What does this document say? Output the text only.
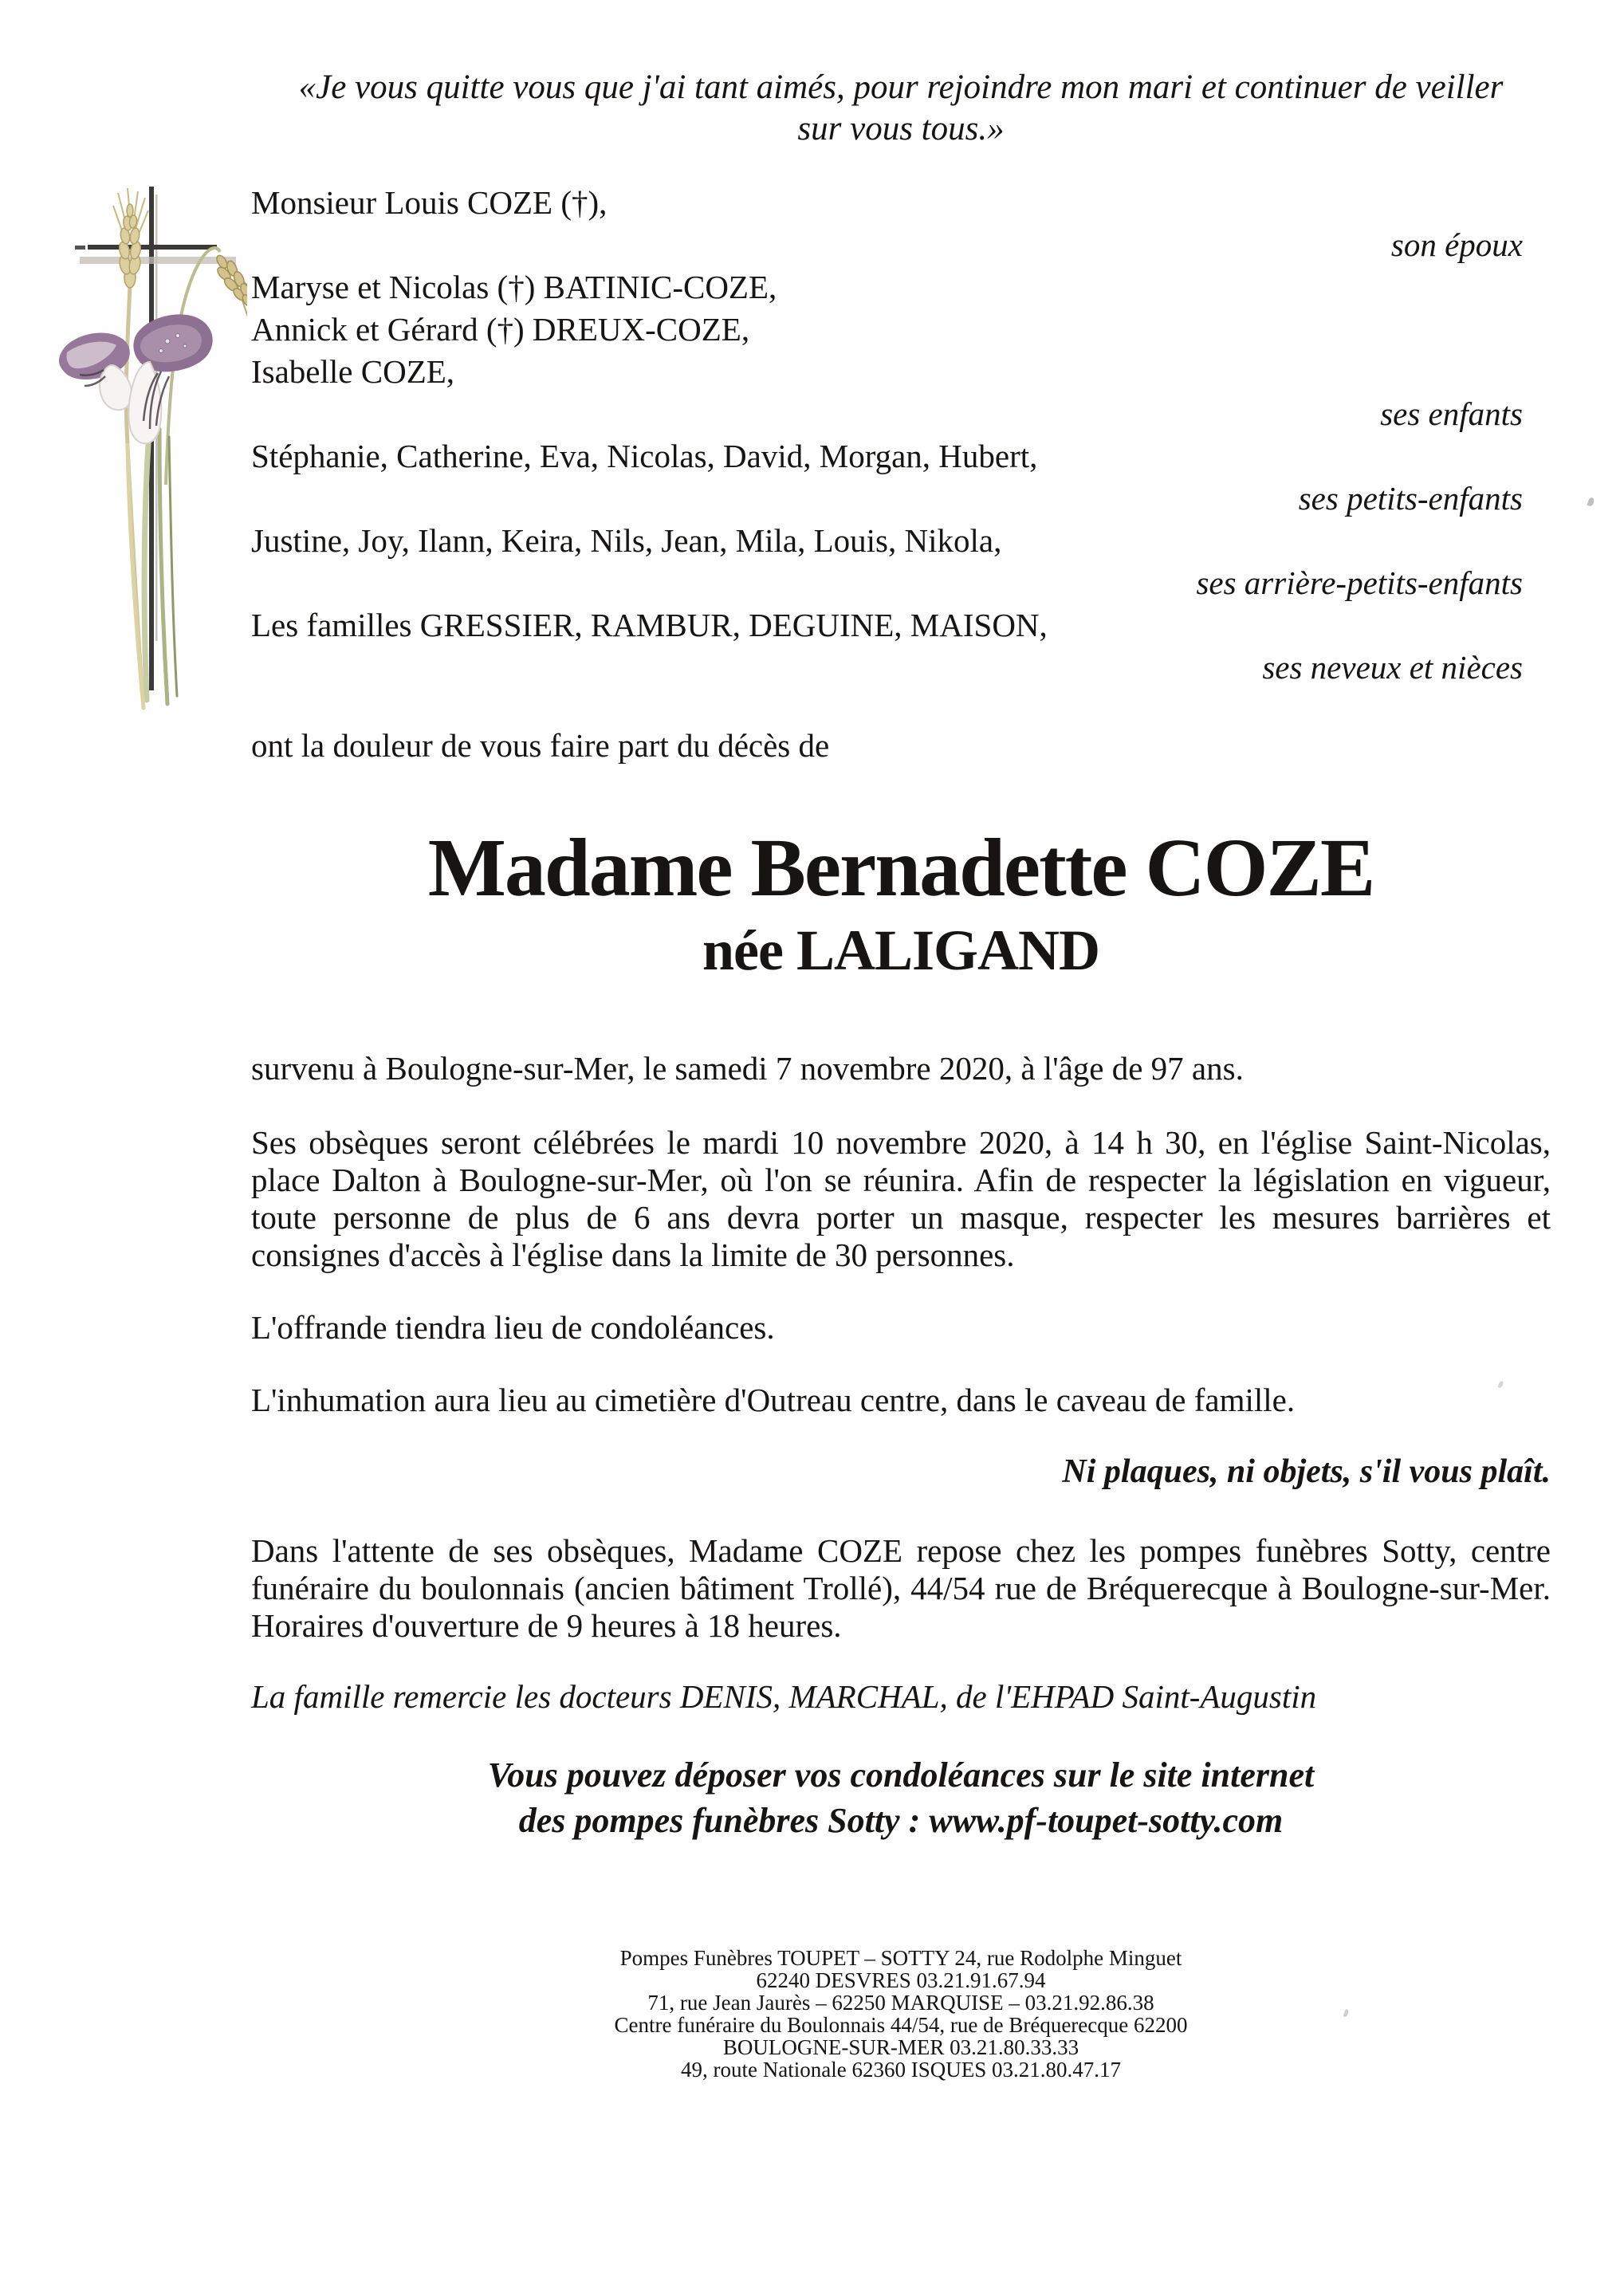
«Je vous quitte vous que j'ai tant aimés, pour rejoindre mon mari et continuer de veiller
sur vous tous.»
Monsieur Louis COZE (†),
son époux
Maryse et Nicolas (†) BATINIC-COZE,
Annick et Gérard (†) DREUX-COZE,
Isabelle COZE,
ses enfants
Stéphanie, Catherine, Eva, Nicolas, David, Morgan, Hubert,
ses petits-enfants
Justine, Joy, Ilann, Keira, Nils, Jean, Mila, Louis, Nikola,
ses arrière-petits-enfants
Les familles GRESSIER, RAMBUR, DEGUINE, MAISON,
ses neveux et nièces
ont la douleur de vous faire part du décès de
Madame Bernadette COZE
née LALIGAND
survenu à Boulogne-sur-Mer, le samedi 7 novembre 2020, à l'âge de 97 ans.
Ses obsèques seront célébrées le mardi 10 novembre 2020, à 14 h 30, en l'église Saint-Nicolas, place Dalton à Boulogne-sur-Mer, où l'on se réunira. Afin de respecter la législation en vigueur, toute personne de plus de 6 ans devra porter un masque, respecter les mesures barrières et consignes d'accès à l'église dans la limite de 30 personnes.
L'offrande tiendra lieu de condoléances.
L'inhumation aura lieu au cimetière d'Outreau centre, dans le caveau de famille.
Ni plaques, ni objets, s'il vous plaît.
Dans l'attente de ses obsèques, Madame COZE repose chez les pompes funèbres Sotty, centre funéraire du boulonnais (ancien bâtiment Trollé), 44/54 rue de Bréquerecque à Boulogne-sur-Mer. Horaires d'ouverture de 9 heures à 18 heures.
La famille remercie les docteurs DENIS, MARCHAL, de l'EHPAD Saint-Augustin
Vous pouvez déposer vos condoléances sur le site internet
des pompes funèbres Sotty : www.pf-toupet-sotty.com
Pompes Funèbres TOUPET – SOTTY 24, rue Rodolphe Minguet
62240 DESVRES 03.21.91.67.94
71, rue Jean Jaurès – 62250 MARQUISE – 03.21.92.86.38
Centre funéraire du Boulonnais 44/54, rue de Bréquerecque 62200
BOULOGNE-SUR-MER 03.21.80.33.33
49, route Nationale 62360 ISQUES 03.21.80.47.17
